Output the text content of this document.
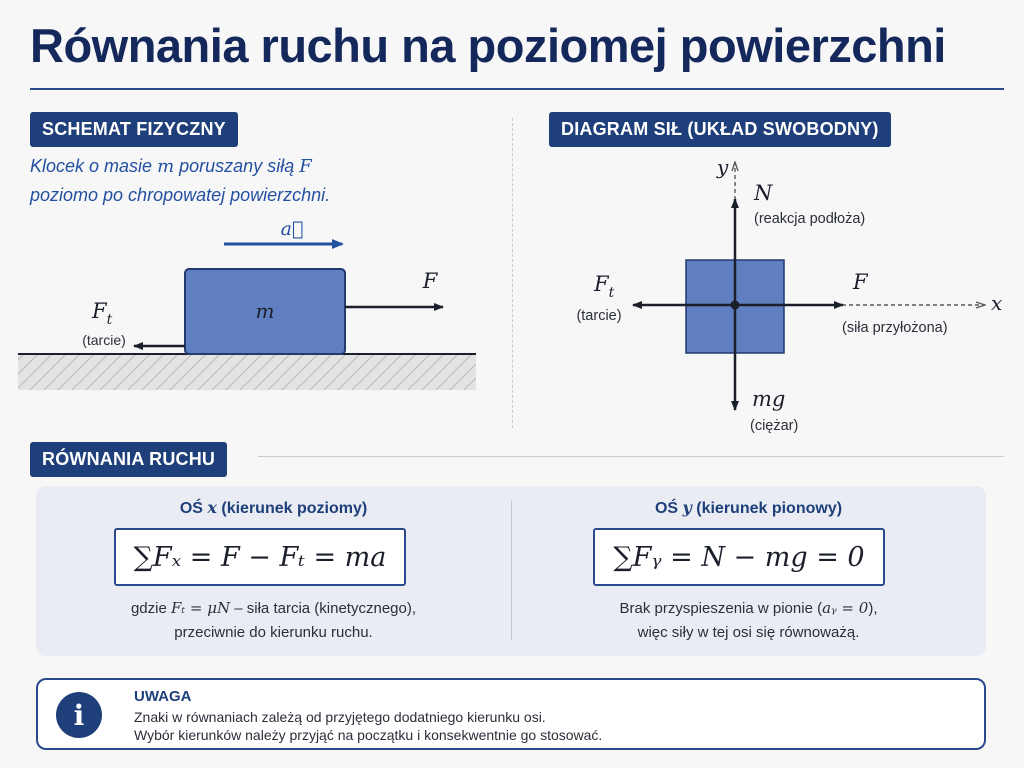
Równania ruchu na poziomej powierzchni
SCHEMAT FIZYCZNY
Klocek o masie m poruszany siłą F
poziomo po chropowatej powierzchni.
m
a⃗
F
$F_t$
(tarcie)
DIAGRAM SIŁ (UKŁAD SWOBODNY)
y
x
N
(reakcja podłoża)
F
(siła przyłożona)
$F_t$
(tarcie)
mg
(ciężar)
RÓWNANIA RUCHU
OŚ x (kierunek poziomy)
∑Fₓ = F − Fₜ = ma
gdzie Fₜ = μN – siła tarcia (kinetycznego),
przeciwnie do kierunku ruchu.
OŚ y (kierunek pionowy)
∑Fᵧ = N − mg = 0
Brak przyspieszenia w pionie (aᵧ = 0),
więc siły w tej osi się równoważą.
i
UWAGA
Znaki w równaniach zależą od przyjętego dodatniego kierunku osi.
Wybór kierunków należy przyjąć na początku i konsekwentnie go stosować.
